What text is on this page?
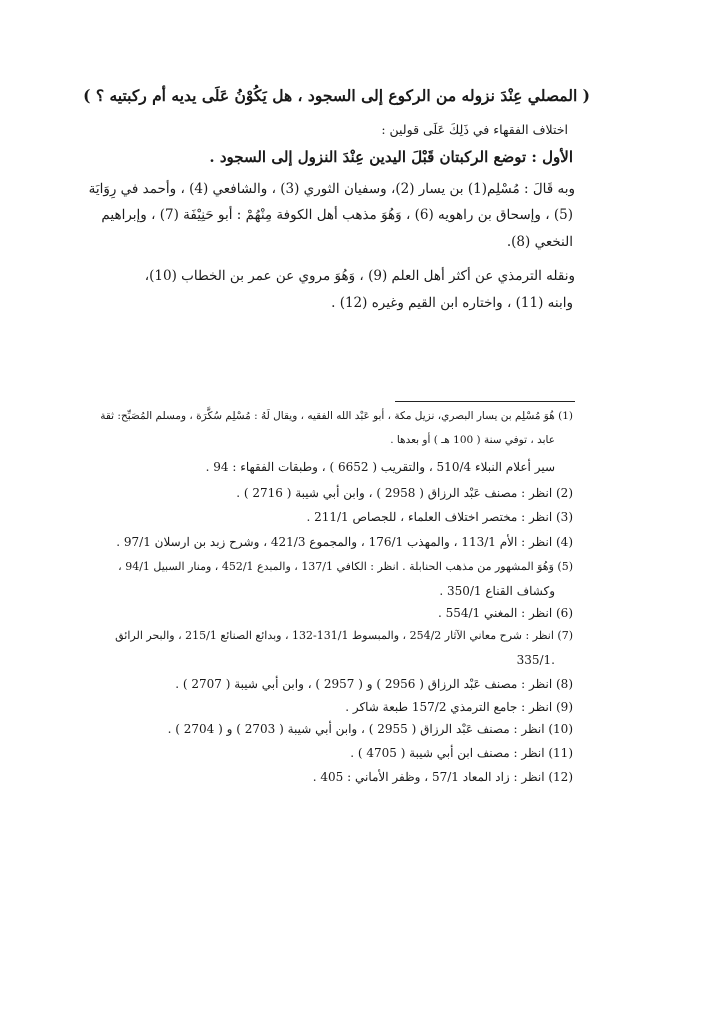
( المصلي عِنْدَ نزوله من الركوع إلى السجود ، هل يَكُوْنُ عَلَى يديه أم ركبتيه ؟ )
اختلاف الفقهاء في ذَلِكَ عَلَى قولين :
الأول : توضع الركبتان قَبْلَ اليدين عِنْدَ النزول إلى السجود .
وبه قَالَ : مُسْلِم(1) بن يسار (2)، وسفيان الثوري (3) ، والشافعي (4) ، وأحمد في رِوَايَة
(5) ، وإسحاق بن راهويه (6) ، وَهُوَ مذهب أهل الكوفة مِنْهُمْ : أبو حَنِيْفَة (7) ، وإبراهيم
النخعي (8).
ونقله الترمذي عن أكثر أهل العلم (9) ، وَهُوَ مروي عن عمر بن الخطاب (10)،
وابنه (11) ، واختاره ابن القيم وغيره (12) .
(1) هُوَ مُسْلِم بن يسار البصري، نزيل مكة ، أبو عَبْد الله الفقيه ، ويقال لَهُ : مُسْلِم سُكَّرَة ، ومسلم المُصَبِّح: ثقة
عابد ، توفي سنة ( 100 هـ ) أو بعدها .
سير أعلام النبلاء 510/4 ، والتقريب ( 6652 ) ، وطبقات الفقهاء : 94 .
(2) انظر : مصنف عَبْد الرزاق ( 2958 ) ، وابن أبي شيبة ( 2716 ) .
(3) انظر : مختصر اختلاف العلماء ، للجصاص 211/1 .
(4) انظر : الأم 113/1 ، والمهذب 176/1 ، والمجموع 421/3 ، وشرح زبد بن ارسلان 97/1 .
(5) وَهُوَ المشهور من مذهب الحنابلة . انظر : الكافي 137/1 ، والمبدع 452/1 ، ومنار السبيل 94/1 ،
وكشاف القناع 350/1 .
(6) انظر : المغني 554/1 .
(7) انظر : شرح معاني الآثار 254/2 ، والمبسوط 131/1-132 ، وبدائع الصنائع 215/1 ، والبحر الرائق
335/1.
(8) انظر : مصنف عَبْد الرزاق ( 2956 ) و ( 2957 ) ، وابن أبي شيبة ( 2707 ) .
(9) انظر : جامع الترمذي 157/2 طبعة شاكر .
(10) انظر : مصنف عَبْد الرزاق ( 2955 ) ، وابن أبي شيبة ( 2703 ) و ( 2704 ) .
(11) انظر : مصنف ابن أبي شيبة ( 4705 ) .
(12) انظر : زاد المعاد 57/1 ، وظفر الأماني : 405 .
